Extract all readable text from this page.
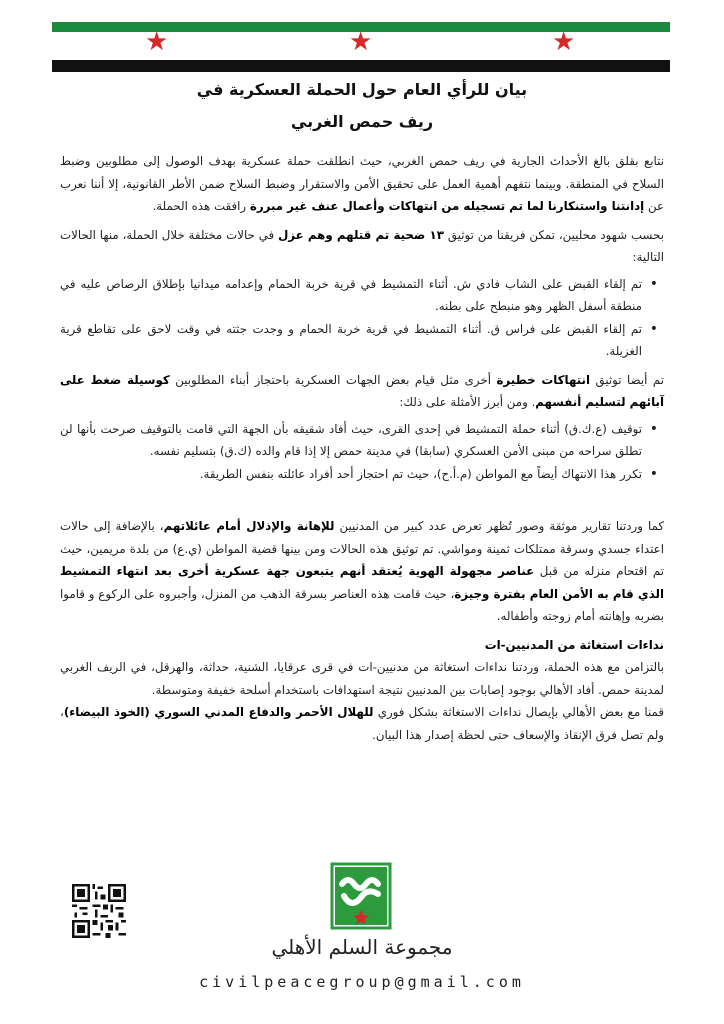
★	★	★
بيان للرأي العام حول الحملة العسكرية في
ريف حمص الغربي

نتابع بقلق بالغ الأحداث الجارية في ريف حمص الغربي، حيث انطلقت حملة عسكرية بهدف الوصول إلى مطلوبين وضبط السلاح في المنطقة. وبينما نتفهم أهمية العمل على تحقيق الأمن والاستقرار وضبط السلاح ضمن الأطر القانونية، إلا أننا نعرب عن إدانتنا واستنكارنا لما تم تسجيله من انتهاكات وأعمال عنف غير مبررة رافقت هذه الحملة.

بحسب شهود محليين، تمكن فريقنا من توثيق ١٣ ضحية تم قتلهم وهم عزل في حالات مختلفة خلال الحملة، منها الحالات التالية:

• تم إلقاء القبض على الشاب فادي ش. أثناء التمشيط في قرية خربة الحمام وإعدامه ميدانيا بإطلاق الرصاص عليه في منطقة أسفل الظهر وهو منبطح على بطنه.
• تم إلقاء القبض على فراس ق. أثناء التمشيط في قرية خربة الحمام و وجدت جثته في وقت لاحق على تقاطع قرية الغزيلة.

تم أيضا توثيق انتهاكات خطيرة أخرى مثل قيام بعض الجهات العسكرية باحتجاز أبناء المطلوبين كوسيلة ضغط على آبائهم لتسليم أنفسهم. ومن أبرز الأمثلة على ذلك:

• توقيف (ع.ك.ق) أثناء حملة التمشيط في إحدى القرى، حيث أفاد شقيقه بأن الجهة التي قامت بالتوقيف صرحت بأنها لن تطلق سراحه من مبنى الأمن العسكري (سابقا) في مدينة حمص إلا إذا قام والده (ك.ق) بتسليم نفسه.
• تكرر هذا الانتهاك أيضاً مع المواطن (م.أ.ح)، حيث تم احتجاز أحد أفراد عائلته بنفس الطريقة.

كما وردتنا تقارير موثقة وصور تُظهر تعرض عدد كبير من المدنيين للإهانة والإذلال أمام عائلاتهم، بالإضافة إلى حالات اعتداء جسدي وسرقة ممتلكات ثمينة ومواشي. تم توثيق هذه الحالات ومن بينها قضية المواطن (ي.ع) من بلدة مريمين، حيث تم اقتحام منزله من قبل عناصر مجهولة الهوية يُعتقد أنهم يتبعون جهة عسكرية أخرى بعد انتهاء التمشيط الذي قام به الأمن العام بفترة وجيزة، حيث قامت هذه العناصر بسرقة الذهب من المنزل، وأجبروه على الركوع و قاموا بضربه وإهانته أمام زوجته وأطفاله.

نداءات استغاثة من المدنيين-ات

بالتزامن مع هذه الحملة، وردتنا نداءات استغاثة من مدنيين-ات في قرى عرقايا، الشنية، حداثة، والهرقل، في الريف الغربي لمدينة حمص. أفاد الأهالي بوجود إصابات بين المدنيين نتيجة استهدافات باستخدام أسلحة خفيفة ومتوسطة.

قمنا مع بعض الأهالي بإيصال نداءات الاستغاثة بشكل فوري للهلال الأحمر والدفاع المدني السوري (الخوذ البيضاء)، ولم تصل فرق الإنقاذ والإسعاف حتى لحظة إصدار هذا البيان.

مجموعة السلم الأهلي
civilpeacegroup@gmail.com
